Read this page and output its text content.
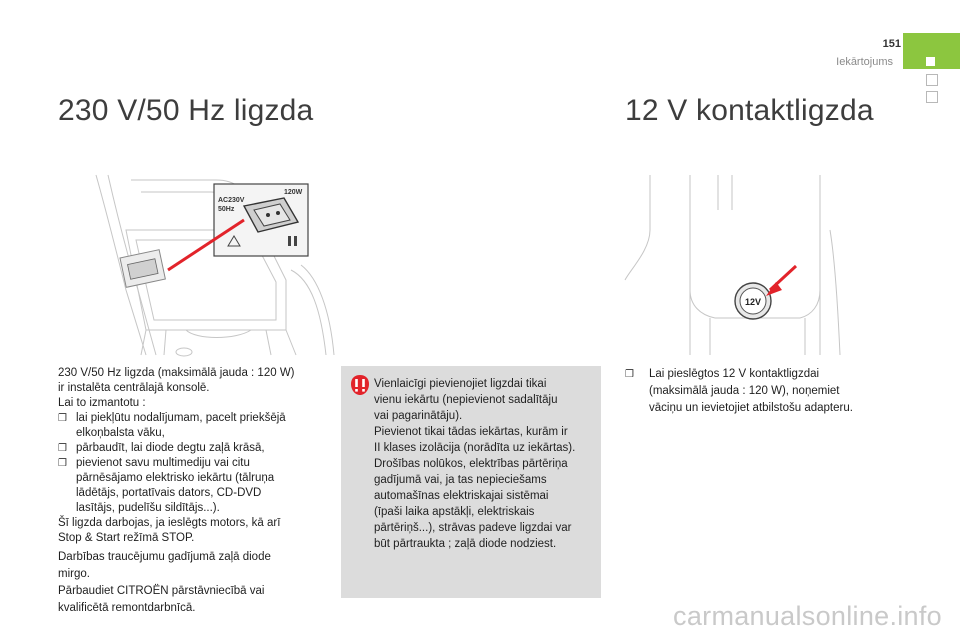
151
Iekārtojums
230 V/50 Hz ligzda	12 V kontaktligzda
AC230V
50Hz
120W
12V

230 V/50 Hz ligzda (maksimālā jauda : 120 W)

ir instalēta centrālajā konsolē.

Lai to izmantotu :

❒ lai piekļūtu nodalījumam, pacelt priekšējā

elkoņbalsta vāku,

❒ pārbaudīt, lai diode degtu zaļā krāsā,

❒ pievienot savu multimediju vai citu

pārnēsājamo elektrisko iekārtu (tālruņa

lādētājs, portatīvais dators, CD-DVD

lasītājs, pudelīšu sildītājs...).

Šī ligzda darbojas, ja ieslēgts motors, kā arī

Stop & Start režīmā STOP.

Darbības traucējumu gadījumā zaļā diode

mirgo.

Pārbaudiet CITROËN pārstāvniecībā vai

kvalificētā remontdarbnīcā.

Vienlaicīgi pievienojiet ligzdai tikai

vienu iekārtu (nepievienot sadalītāju

vai pagarinātāju).

Pievienot tikai tādas iekārtas, kurām ir

II klases izolācija (norādīta uz iekārtas).

Drošības nolūkos, elektrības pārtēriņa

gadījumā vai, ja tas nepieciešams

automašīnas elektriskajai sistēmai

(īpaši laika apstākļi, elektriskais

pārtēriņš...), strāvas padeve ligzdai var

būt pārtraukta ; zaļā diode nodziest.

❒	Lai pieslēgtos 12 V kontaktligzdai

(maksimālā jauda : 120 W), noņemiet

vāciņu un ievietojiet atbilstošu adapteru.

carmanualsonline.info
